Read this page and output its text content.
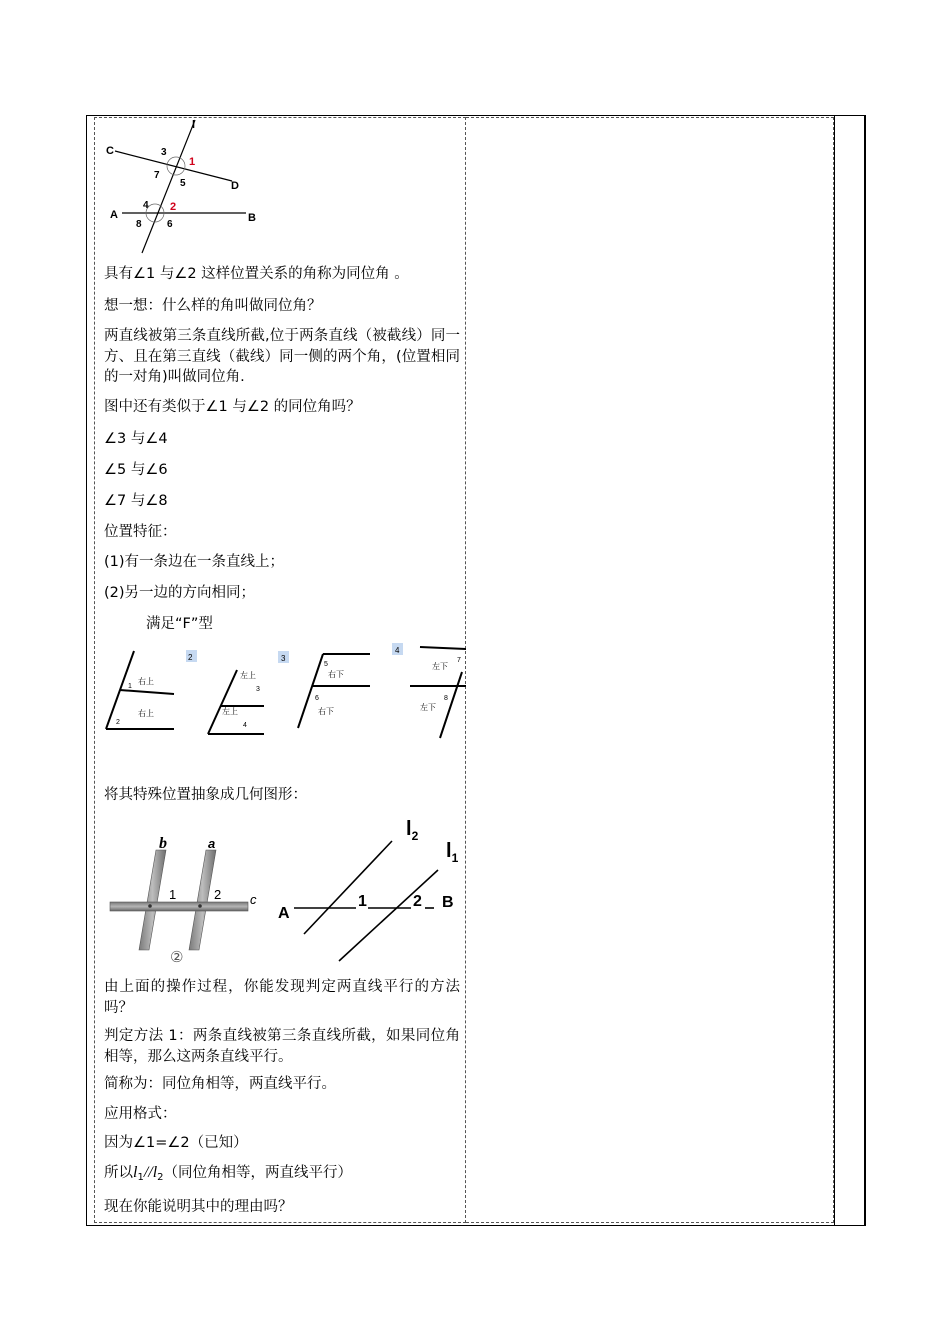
l
C
D
A	B
3
1
7
5
4 2
8	6
具有∠1 与∠2 这样位置关系的角称为同位角 。
想一想：什么样的角叫做同位角？
两直线被第三条直线所截,位于两条直线（被截线）同一方、且在第三直线（截线）同一侧的两个角，(位置相同的一对角)叫做同位角.
图中还有类似于∠1 与∠2 的同位角吗？
∠3 与∠4
∠5 与∠6
∠7 与∠8
位置特征：
(1)有一条边在一条直线上；
(2)另一边的方向相同；
满足“F”型
2	3
4
右上
1
右上
2
左上
3
左上
4
5
右下
6
右下
左下
7
8
左下
将其特殊位置抽象成几何图形：
b	a
c
1	2
②
$l_2$
$l_1$
A
B
1	2
由上面的操作过程，你能发现判定两直线平行的方法吗？
判定方法 1：两条直线被第三条直线所截，如果同位角相等，那么这两条直线平行。
简称为：同位角相等，两直线平行。
应用格式：
因为∠1=∠2（已知）
所以$l_1//l_2$（同位角相等，两直线平行）
现在你能说明其中的理由吗？
